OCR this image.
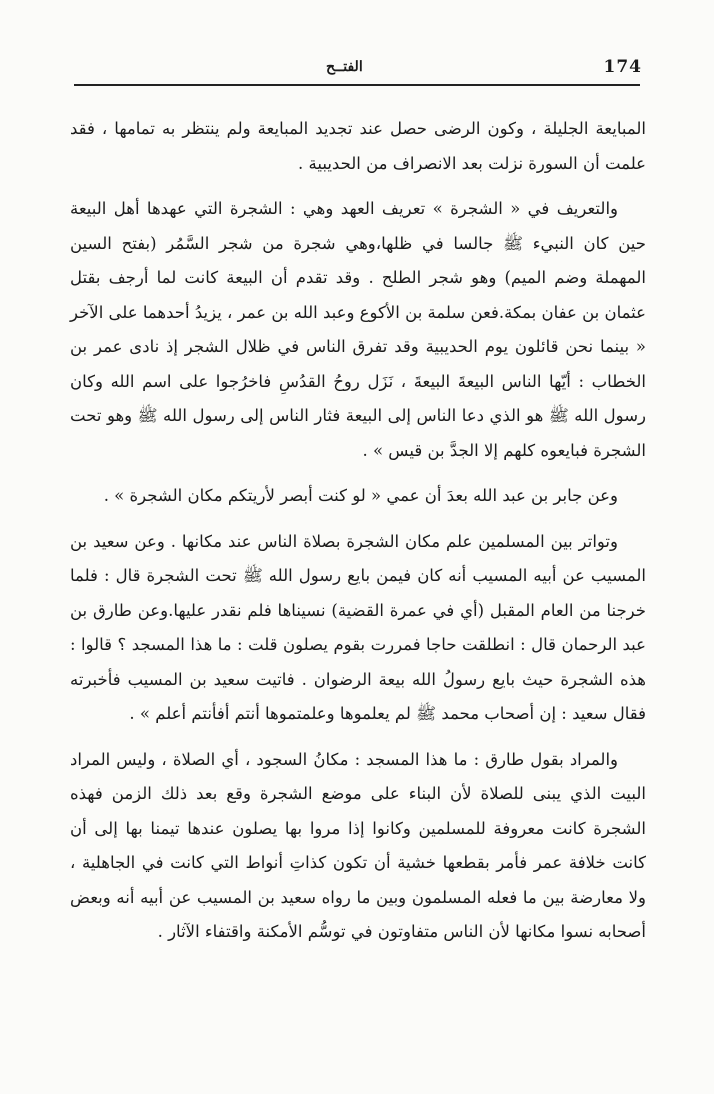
174
الفتــح

المبايعة الجليلة ، وكون الرضى حصل عند تجديد المبايعة ولم ينتظر به تمامها ، فقد علمت أن السورة نزلت بعد الانصراف من الحديبية .

والتعريف في « الشجرة » تعريف العهد وهي : الشجرة التي عهدها أهل البيعة حين كان النبيء ﷺ جالسا في ظلها،وهي شجرة من شجر السَّمُر (بفتح السين المهملة وضم الميم) وهو شجر الطلح . وقد تقدم أن البيعة كانت لما أرجف بقتل عثمان بن عفان بمكة.فعن سلمة بن الأكوع وعبد الله بن عمر ، يزيدُ أحدهما على الآخر « بينما نحن قائلون يوم الحديبية وقد تفرق الناس في ظلال الشجر إذ نادى عمر بن الخطاب : أيّها الناس البيعةَ البيعةَ ، نَزَل روحُ القدُسِ فاخرُجوا على اسم الله وكان رسول الله ﷺ هو الذي دعا الناس إلى البيعة فثار الناس إلى رسول الله ﷺ وهو تحت الشجرة فبايعوه كلهم إلا الجدَّ بن قيس » .

وعن جابر بن عبد الله بعدَ أن عمي « لو كنت أبصر لأريتكم مكان الشجرة » .

وتواتر بين المسلمين علم مكان الشجرة بصلاة الناس عند مكانها . وعن سعيد بن المسيب عن أبيه المسيب أنه كان فيمن بايع رسول الله ﷺ تحت الشجرة قال : فلما خرجنا من العام المقبل (أي في عمرة القضية) نسيناها فلم نقدر عليها.وعن طارق بن عبد الرحمان قال : انطلقت حاجا فمررت بقوم يصلون قلت : ما هذا المسجد ؟ قالوا : هذه الشجرة حيث بايع رسولُ الله بيعة الرضوان . فاتيت سعيد بن المسيب فأخبرته فقال سعيد : إن أصحاب محمد ﷺ لم يعلموها وعلمتموها أنتم أفأنتم أعلم » .

والمراد بقول طارق : ما هذا المسجد : مكانُ السجود ، أي الصلاة ، وليس المراد البيت الذي يبنى للصلاة لأن البناء على موضع الشجرة وقع بعد ذلك الزمن فهذه الشجرة كانت معروفة للمسلمين وكانوا إذا مروا بها يصلون عندها تيمنا بها إلى أن كانت خلافة عمر فأمر بقطعها خشية أن تكون كذاتِ أنواط التي كانت في الجاهلية ، ولا معارضة بين ما فعله المسلمون وبين ما رواه سعيد بن المسيب عن أبيه أنه وبعض أصحابه نسوا مكانها لأن الناس متفاوتون في توسُّم الأمكنة واقتفاء الآثار .
